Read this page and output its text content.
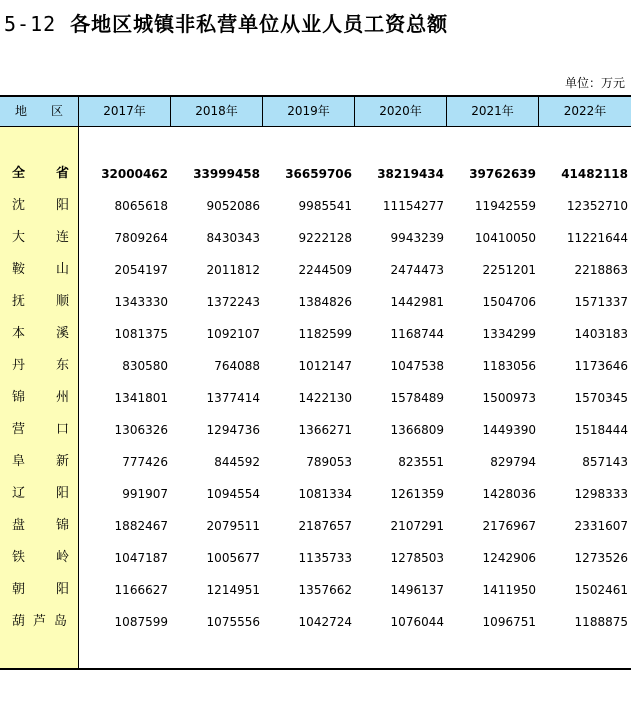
5-12 各地区城镇非私营单位从业人员工资总额
单位：万元
地　　区	2017年	2018年	2019年	2020年	2021年	2022年
全　省	32000462	33999458	36659706	38219434	39762639	41482118
沈　阳	8065618	9052086	9985541	11154277	11942559	12352710
大　连	7809264	8430343	9222128	9943239	10410050	11221644
鞍　山	2054197	2011812	2244509	2474473	2251201	2218863
抚　顺	1343330	1372243	1384826	1442981	1504706	1571337
本　溪	1081375	1092107	1182599	1168744	1334299	1403183
丹　东	830580	764088	1012147	1047538	1183056	1173646
锦　州	1341801	1377414	1422130	1578489	1500973	1570345
营　口	1306326	1294736	1366271	1366809	1449390	1518444
阜　新	777426	844592	789053	823551	829794	857143
辽　阳	991907	1094554	1081334	1261359	1428036	1298333
盘　锦	1882467	2079511	2187657	2107291	2176967	2331607
铁　岭	1047187	1005677	1135733	1278503	1242906	1273526
朝　阳	1166627	1214951	1357662	1496137	1411950	1502461
葫芦岛	1087599	1075556	1042724	1076044	1096751	1188875
